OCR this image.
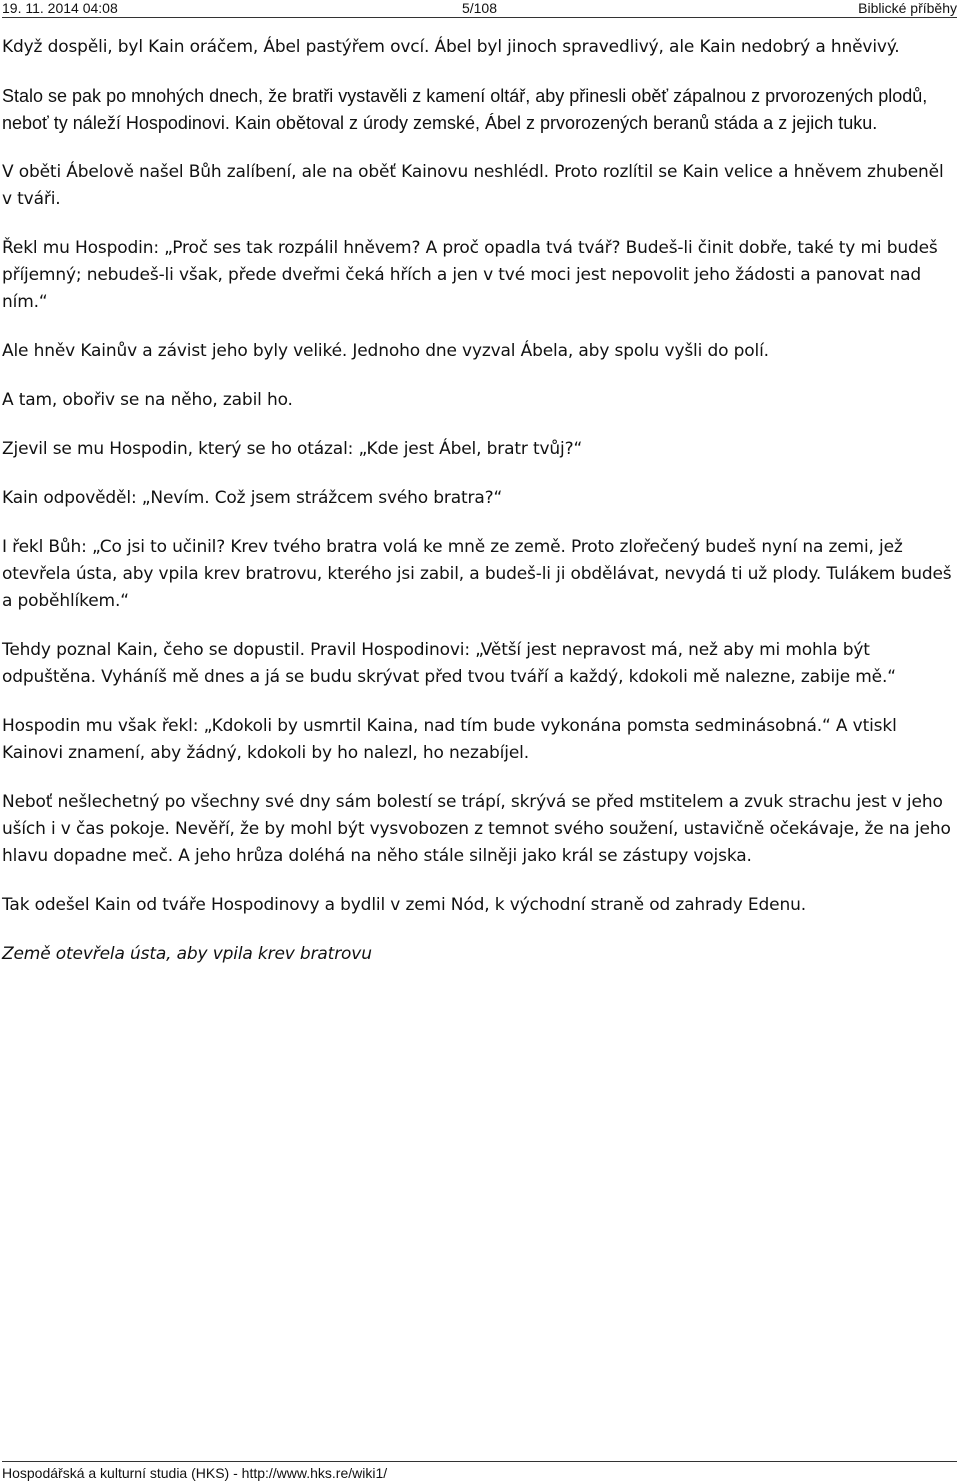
19. 11. 2014 04:08	5/108	Biblické příběhy

Když dospěli, byl Kain oráčem, Ábel pastýřem ovcí. Ábel byl jinoch spravedlivý, ale Kain nedobrý a hněvivý.

Stalo se pak po mnohých dnech, že bratři vystavěli z kamení oltář, aby přinesli oběť zápalnou z prvorozených plodů, neboť ty náleží Hospodinovi. Kain obětoval z úrody zemské, Ábel z prvorozených beranů stáda a z jejich tuku.

V oběti Ábelově našel Bůh zalíbení, ale na oběť Kainovu neshlédl. Proto rozlítil se Kain velice a hněvem zhubeněl v tváři.

Řekl mu Hospodin: „Proč ses tak rozpálil hněvem? A proč opadla tvá tvář? Budeš-li činit dobře, také ty mi budeš příjemný; nebudeš-li však, přede dveřmi čeká hřích a jen v tvé moci jest nepovolit jeho žádosti a panovat nad ním.“

Ale hněv Kainův a závist jeho byly veliké. Jednoho dne vyzval Ábela, aby spolu vyšli do polí.

A tam, obořiv se na něho, zabil ho.

Zjevil se mu Hospodin, který se ho otázal: „Kde jest Ábel, bratr tvůj?“

Kain odpověděl: „Nevím. Což jsem strážcem svého bratra?“

I řekl Bůh: „Co jsi to učinil? Krev tvého bratra volá ke mně ze země. Proto zlořečený budeš nyní na zemi, jež otevřela ústa, aby vpila krev bratrovu, kterého jsi zabil, a budeš-li ji obdělávat, nevydá ti už plody. Tulákem budeš a poběhlíkem.“

Tehdy poznal Kain, čeho se dopustil. Pravil Hospodinovi: „Větší jest nepravost má, než aby mi mohla být odpuštěna. Vyháníš mě dnes a já se budu skrývat před tvou tváří a každý, kdokoli mě nalezne, zabije mě.“

Hospodin mu však řekl: „Kdokoli by usmrtil Kaina, nad tím bude vykonána pomsta sedminásobná.“ A vtiskl Kainovi znamení, aby žádný, kdokoli by ho nalezl, ho nezabíjel.

Neboť nešlechetný po všechny své dny sám bolestí se trápí, skrývá se před mstitelem a zvuk strachu jest v jeho uších i v čas pokoje. Nevěří, že by mohl být vysvobozen z temnot svého soužení, ustavičně očekávaje, že na jeho hlavu dopadne meč. A jeho hrůza doléhá na něho stále silněji jako král se zástupy vojska.

Tak odešel Kain od tváře Hospodinovy a bydlil v zemi Nód, k východní straně od zahrady Edenu.

Země otevřela ústa, aby vpila krev bratrovu

Hospodářská a kulturní studia (HKS) - http://www.hks.re/wiki1/
